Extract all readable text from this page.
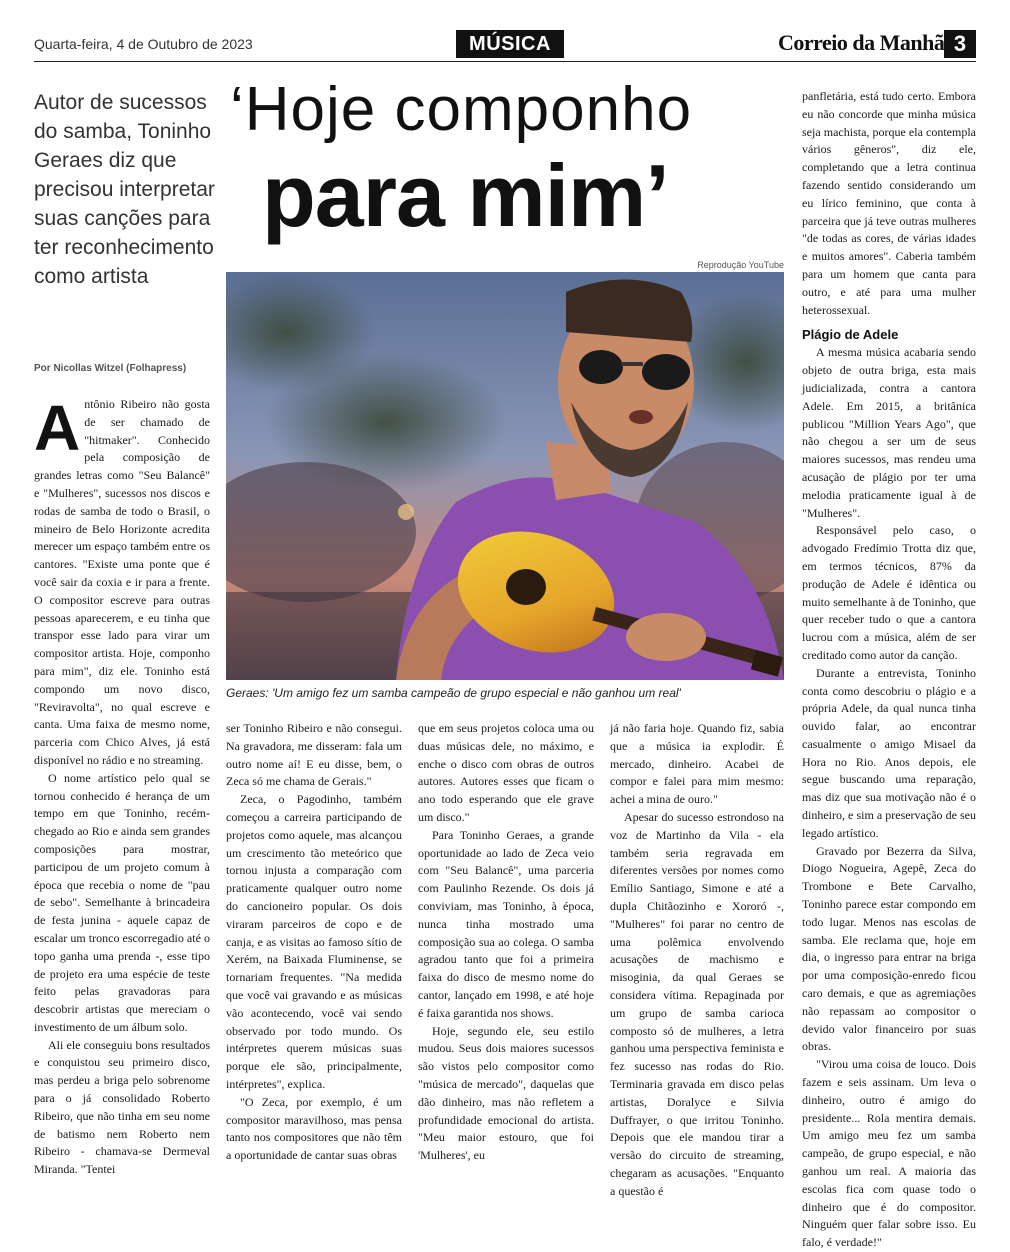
Quarta-feira, 4 de Outubro de 2023	MÚSICA	Correio da Manhã 3
Autor de sucessos do samba, Toninho Geraes diz que precisou interpretar suas canções para ter reconhecimento como artista
Por Nicollas Witzel (Folhapress)
‘Hoje componho
para mim’
Reprodução YouTube
Geraes: 'Um amigo fez um samba campeão de grupo especial e não ganhou um real'
A ntônio Ribeiro não gosta de ser chamado de "hitmaker". Conhecido pela composição de grandes letras como "Seu Balancê" e "Mulheres", sucessos nos discos e rodas de samba de todo o Brasil, o mineiro de Belo Horizonte acredita merecer um espaço também entre os cantores. "Existe uma ponte que é você sair da coxia e ir para a frente. O compositor escreve para outras pessoas aparecerem, e eu tinha que transpor esse lado para virar um compositor artista. Hoje, componho para mim", diz ele. Toninho está compondo um novo disco, "Reviravolta", no qual escreve e canta. Uma faixa de mesmo nome, parceria com Chico Alves, já está disponível no rádio e no streaming.

O nome artístico pelo qual se tornou conhecido é herança de um tempo em que Toninho, recém-chegado ao Rio e ainda sem grandes composições para mostrar, participou de um projeto comum à época que recebia o nome de "pau de sebo". Semelhante à brincadeira de festa junina - aquele capaz de escalar um tronco escorregadio até o topo ganha uma prenda -, esse tipo de projeto era uma espécie de teste feito pelas gravadoras para descobrir artistas que mereciam o investimento de um álbum solo.

Ali ele conseguiu bons resultados e conquistou seu primeiro disco, mas perdeu a briga pelo sobrenome para o já consolidado Roberto Ribeiro, que não tinha em seu nome de batismo nem Roberto nem Ribeiro - chamava-se Dermeval Miranda. "Tentei

ser Toninho Ribeiro e não consegui. Na gravadora, me disseram: fala um outro nome aí! E eu disse, bem, o Zeca só me chama de Gerais."

Zeca, o Pagodinho, também começou a carreira participando de projetos como aquele, mas alcançou um crescimento tão meteórico que tornou injusta a comparação com praticamente qualquer outro nome do cancioneiro popular. Os dois viraram parceiros de copo e de canja, e as visitas ao famoso sítio de Xerém, na Baixada Fluminense, se tornariam frequentes. "Na medida que você vai gravando e as músicas vão acontecendo, você vai sendo observado por todo mundo. Os intérpretes querem músicas suas porque ele são, principalmente, intérpretes", explica.

"O Zeca, por exemplo, é um compositor maravilhoso, mas pensa tanto nos compositores que não têm a oportunidade de cantar suas obras

que em seus projetos coloca uma ou duas músicas dele, no máximo, e enche o disco com obras de outros autores. Autores esses que ficam o ano todo esperando que ele grave um disco."

Para Toninho Geraes, a grande oportunidade ao lado de Zeca veio com "Seu Balancê", uma parceria com Paulinho Rezende. Os dois já conviviam, mas Toninho, à época, nunca tinha mostrado uma composição sua ao colega. O samba agradou tanto que foi a primeira faixa do disco de mesmo nome do cantor, lançado em 1998, e até hoje é faixa garantida nos shows.

Hoje, segundo ele, seu estilo mudou. Seus dois maiores sucessos são vistos pelo compositor como "música de mercado", daquelas que dão dinheiro, mas não refletem a profundidade emocional do artista. "Meu maior estouro, que foi 'Mulheres', eu

já não faria hoje. Quando fiz, sabia que a música ia explodir. É mercado, dinheiro. Acabei de compor e falei para mim mesmo: achei a mina de ouro."

Apesar do sucesso estrondoso na voz de Martinho da Vila - ela também seria regravada em diferentes versões por nomes como Emílio Santiago, Simone e até a dupla Chitãozinho e Xororó -, "Mulheres" foi parar no centro de uma polêmica envolvendo acusações de machismo e misoginia, da qual Geraes se considera vítima. Repaginada por um grupo de samba carioca composto só de mulheres, a letra ganhou uma perspectiva feminista e fez sucesso nas rodas do Rio. Terminaria gravada em disco pelas artistas, Doralyce e Silvia Duffrayer, o que irritou Toninho. Depois que ele mandou tirar a versão do circuito de streaming, chegaram as acusações. "Enquanto a questão é

panfletária, está tudo certo. Embora eu não concorde que minha música seja machista, porque ela contempla vários gêneros", diz ele, completando que a letra continua fazendo sentido considerando um eu lírico feminino, que conta à parceira que já teve outras mulheres "de todas as cores, de várias idades e muitos amores". Caberia também para um homem que canta para outro, e até para uma mulher heterossexual.

Plágio de Adele

A mesma música acabaria sendo objeto de outra briga, esta mais judicializada, contra a cantora Adele. Em 2015, a britânica publicou "Million Years Ago", que não chegou a ser um de seus maiores sucessos, mas rendeu uma acusação de plágio por ter uma melodia praticamente igual à de "Mulheres".

Responsável pelo caso, o advogado Fredímio Trotta diz que, em termos técnicos, 87% da produção de Adele é idêntica ou muito semelhante à de Toninho, que quer receber tudo o que a cantora lucrou com a música, além de ser creditado como autor da canção.

Durante a entrevista, Toninho conta como descobriu o plágio e a própria Adele, da qual nunca tinha ouvido falar, ao encontrar casualmente o amigo Misael da Hora no Rio. Anos depois, ele segue buscando uma reparação, mas diz que sua motivação não é o dinheiro, e sim a preservação de seu legado artístico.

Gravado por Bezerra da Silva, Diogo Nogueira, Agepê, Zeca do Trombone e Bete Carvalho, Toninho parece estar compondo em todo lugar. Menos nas escolas de samba. Ele reclama que, hoje em dia, o ingresso para entrar na briga por uma composição-enredo ficou caro demais, e que as agremiações não repassam ao compositor o devido valor financeiro por suas obras.

"Virou uma coisa de louco. Dois fazem e seis assinam. Um leva o dinheiro, outro é amigo do presidente... Rola mentira demais. Um amigo meu fez um samba campeão, de grupo especial, e não ganhou um real. A maioria das escolas fica com quase todo o dinheiro que é do compositor. Ninguém quer falar sobre isso. Eu falo, é verdade!"
